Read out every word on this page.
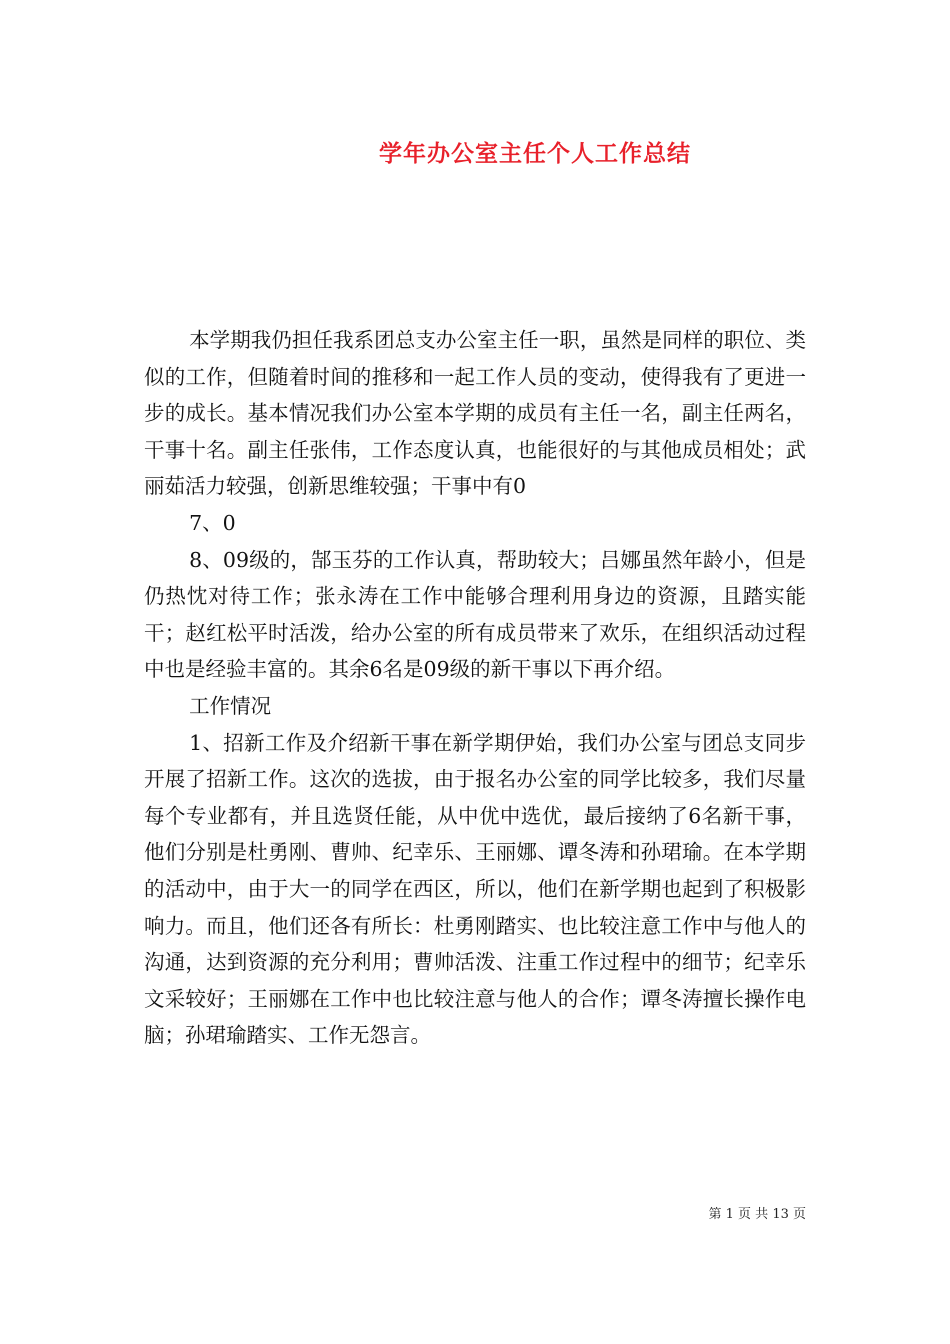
学年办公室主任个人工作总结

本学期我仍担任我系团总支办公室主任一职，虽然是同样的职位、类似的工作，但随着时间的推移和一起工作人员的变动，使得我有了更进一步的成长。基本情况我们办公室本学期的成员有主任一名，副主任两名，干事十名。副主任张伟，工作态度认真，也能很好的与其他成员相处；武丽茹活力较强，创新思维较强；干事中有0

7、0

8、09级的，郜玉芬的工作认真，帮助较大；吕娜虽然年龄小，但是仍热忱对待工作；张永涛在工作中能够合理利用身边的资源，且踏实能干；赵红松平时活泼，给办公室的所有成员带来了欢乐，在组织活动过程中也是经验丰富的。其余6名是09级的新干事以下再介绍。

工作情况

1、招新工作及介绍新干事在新学期伊始，我们办公室与团总支同步开展了招新工作。这次的选拔，由于报名办公室的同学比较多，我们尽量每个专业都有，并且选贤任能，从中优中选优，最后接纳了6名新干事，他们分别是杜勇刚、曹帅、纪幸乐、王丽娜、谭冬涛和孙珺瑜。在本学期的活动中，由于大一的同学在西区，所以，他们在新学期也起到了积极影响力。而且，他们还各有所长：杜勇刚踏实、也比较注意工作中与他人的沟通，达到资源的充分利用；曹帅活泼、注重工作过程中的细节；纪幸乐文采较好；王丽娜在工作中也比较注意与他人的合作；谭冬涛擅长操作电脑；孙珺瑜踏实、工作无怨言。

第 1 页 共 13 页
